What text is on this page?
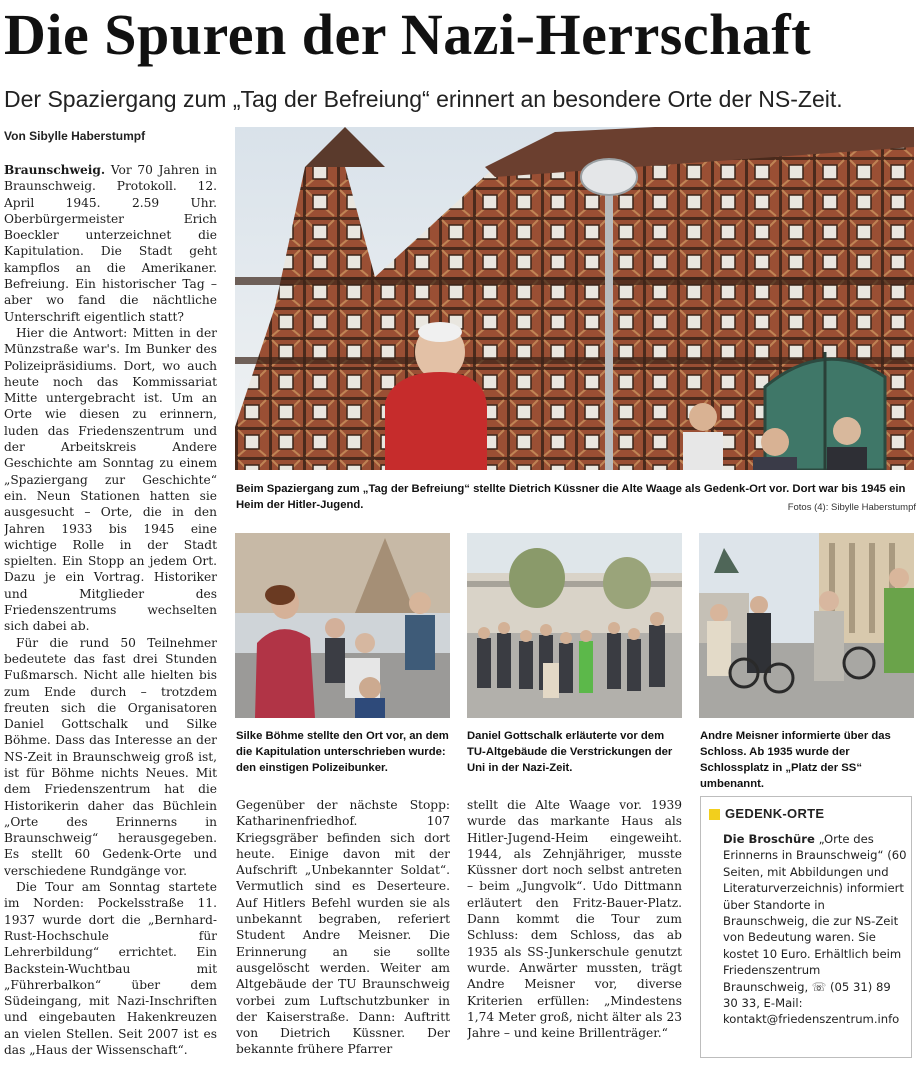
Die Spuren der Nazi-Herrschaft
Der Spaziergang zum „Tag der Befreiung“ erinnert an besondere Orte der NS-Zeit.
Von Sibylle Haberstumpf

Braunschweig. Vor 70 Jahren in Braunschweig. Protokoll. 12. April 1945. 2.59 Uhr. Oberbürgermeister Erich Boeckler unterzeichnet die Kapitulation. Die Stadt geht kampflos an die Amerikaner. Befreiung. Ein historischer Tag – aber wo fand die nächtliche Unterschrift eigentlich statt?

Hier die Antwort: Mitten in der Münzstraße war's. Im Bunker des Polizeipräsidiums. Dort, wo auch heute noch das Kommissariat Mitte untergebracht ist. Um an Orte wie diesen zu erinnern, luden das Friedenszentrum und der Arbeitskreis Andere Geschichte am Sonntag zu einem „Spaziergang zur Geschichte“ ein. Neun Stationen hatten sie ausgesucht – Orte, die in den Jahren 1933 bis 1945 eine wichtige Rolle in der Stadt spielten. Ein Stopp an jedem Ort. Dazu je ein Vortrag. Historiker und Mitglieder des Friedenszentrums wechselten sich dabei ab.

Für die rund 50 Teilnehmer bedeutete das fast drei Stunden Fußmarsch. Nicht alle hielten bis zum Ende durch – trotzdem freuten sich die Organisatoren Daniel Gottschalk und Silke Böhme. Dass das Interesse an der NS-Zeit in Braunschweig groß ist, ist für Böhme nichts Neues. Mit dem Friedenszentrum hat die Historikerin daher das Büchlein „Orte des Erinnerns in Braunschweig“ herausgegeben. Es stellt 60 Gedenk-Orte und verschiedene Rundgänge vor.

Die Tour am Sonntag startete im Norden: Pockelsstraße 11. 1937 wurde dort die „Bernhard-Rust-Hochschule für Lehrerbildung“ errichtet. Ein Backstein-Wuchtbau mit „Führerbalkon“ über dem Südeingang, mit Nazi-Inschriften und eingebauten Hakenkreuzen an vielen Stellen. Seit 2007 ist es das „Haus der Wissenschaft“.

Beim Spaziergang zum „Tag der Befreiung“ stellte Dietrich Küssner die Alte Waage als Gedenk-Ort vor. Dort war bis 1945 ein Heim der Hitler-Jugend.	Fotos (4): Sibylle Haberstumpf
Silke Böhme stellte den Ort vor, an dem die Kapitulation unterschrieben wurde: den einstigen Polizeibunker.
Daniel Gottschalk erläuterte vor dem TU-Altgebäude die Verstrickungen der Uni in der Nazi-Zeit.
Andre Meisner informierte über das Schloss. Ab 1935 wurde der Schlossplatz in „Platz der SS“ umbenannt.

Gegenüber der nächste Stopp: Katharinenfriedhof. 107 Kriegsgräber befinden sich dort heute. Einige davon mit der Aufschrift „Unbekannter Soldat“. Vermutlich sind es Deserteure. Auf Hitlers Befehl wurden sie als unbekannt begraben, referiert Student Andre Meisner. Die Erinnerung an sie sollte ausgelöscht werden. Weiter am Altgebäude der TU Braunschweig vorbei zum Luftschutzbunker in der Kaiserstraße. Dann: Auftritt von Dietrich Küssner. Der bekannte frühere Pfarrer

stellt die Alte Waage vor. 1939 wurde das markante Haus als Hitler-Jugend-Heim eingeweiht. 1944, als Zehnjähriger, musste Küssner dort noch selbst antreten – beim „Jungvolk“. Udo Dittmann erläutert den Fritz-Bauer-Platz. Dann kommt die Tour zum Schluss: dem Schloss, das ab 1935 als SS-Junkerschule genutzt wurde. Anwärter mussten, trägt Andre Meisner vor, diverse Kriterien erfüllen: „Mindestens 1,74 Meter groß, nicht älter als 23 Jahre – und keine Brillenträger.“

GEDENK-ORTE
Die Broschüre „Orte des Erinnerns in Braunschweig“ (60 Seiten, mit Abbildungen und Literaturverzeichnis) informiert über Standorte in Braunschweig, die zur NS-Zeit von Bedeutung waren. Sie kostet 10 Euro. Erhältlich beim Friedenszentrum Braunschweig, ☏ (05 31) 89 30 33, E-Mail: kontakt@friedenszentrum.info
